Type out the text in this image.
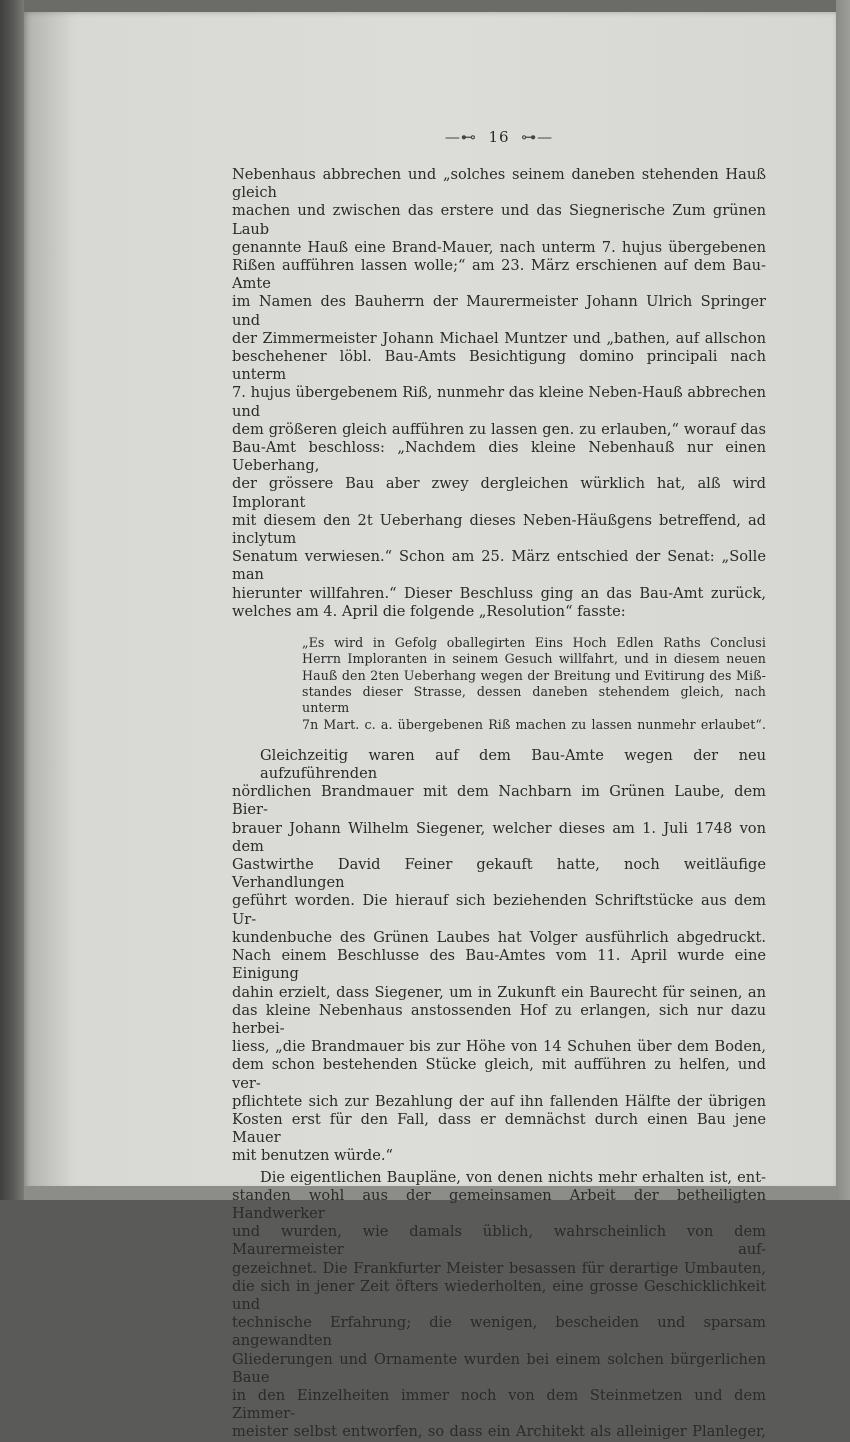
—⊷ 16 ⊶—

Nebenhaus abbrechen und „solches seinem daneben stehenden Hauß gleich
machen und zwischen das erstere und das Siegnerische Zum grünen Laub
genannte Hauß eine Brand-Mauer, nach unterm 7. hujus übergebenen
Rißen aufführen lassen wolle;“ am 23. März erschienen auf dem Bau-Amte
im Namen des Bauherrn der Maurermeister Johann Ulrich Springer und
der Zimmermeister Johann Michael Muntzer und „bathen, auf allschon
beschehener löbl. Bau-Amts Besichtigung domino principali nach unterm
7. hujus übergebenem Riß, nunmehr das kleine Neben-Hauß abbrechen und
dem größeren gleich aufführen zu lassen gen. zu erlauben,“ worauf das
Bau-Amt beschloss: „Nachdem dies kleine Nebenhauß nur einen Ueberhang,
der grössere Bau aber zwey dergleichen würklich hat, alß wird Implorant
mit diesem den 2t Ueberhang dieses Neben-Häußgens betreffend, ad inclytum
Senatum verwiesen.“ Schon am 25. März entschied der Senat: „Solle man
hierunter willfahren.“ Dieser Beschluss ging an das Bau-Amt zurück,
welches am 4. April die folgende „Resolution“ fasste:

„Es wird in Gefolg oballegirten Eins Hoch Edlen Raths Conclusi
Herrn Imploranten in seinem Gesuch willfahrt, und in diesem neuen
Hauß den 2ten Ueberhang wegen der Breitung und Evitirung des Miß-
standes dieser Strasse, dessen daneben stehendem gleich, nach unterm
7n Mart. c. a. übergebenen Riß machen zu lassen nunmehr erlaubet“.

Gleichzeitig waren auf dem Bau-Amte wegen der neu aufzuführenden
nördlichen Brandmauer mit dem Nachbarn im Grünen Laube, dem Bier-
brauer Johann Wilhelm Siegener, welcher dieses am 1. Juli 1748 von dem
Gastwirthe David Feiner gekauft hatte, noch weitläufige Verhandlungen
geführt worden. Die hierauf sich beziehenden Schriftstücke aus dem Ur-
kundenbuche des Grünen Laubes hat Volger ausführlich abgedruckt.
Nach einem Beschlusse des Bau-Amtes vom 11. April wurde eine Einigung
dahin erzielt, dass Siegener, um in Zukunft ein Baurecht für seinen, an
das kleine Nebenhaus anstossenden Hof zu erlangen, sich nur dazu herbei-
liess, „die Brandmauer bis zur Höhe von 14 Schuhen über dem Boden,
dem schon bestehenden Stücke gleich, mit aufführen zu helfen, und ver-
pflichtete sich zur Bezahlung der auf ihn fallenden Hälfte der übrigen
Kosten erst für den Fall, dass er demnächst durch einen Bau jene Mauer
mit benutzen würde.“

Die eigentlichen Baupläne, von denen nichts mehr erhalten ist, ent-
standen wohl aus der gemeinsamen Arbeit der betheiligten Handwerker
und wurden, wie damals üblich, wahrscheinlich von dem Maurermeister auf-
gezeichnet. Die Frankfurter Meister besassen für derartige Umbauten,
die sich in jener Zeit öfters wiederholten, eine grosse Geschicklichkeit und
technische Erfahrung; die wenigen, bescheiden und sparsam angewandten
Gliederungen und Ornamente wurden bei einem solchen bürgerlichen Baue
in den Einzelheiten immer noch von dem Steinmetzen und dem Zimmer-
meister selbst entworfen, so dass ein Architekt als alleiniger Planleger,
